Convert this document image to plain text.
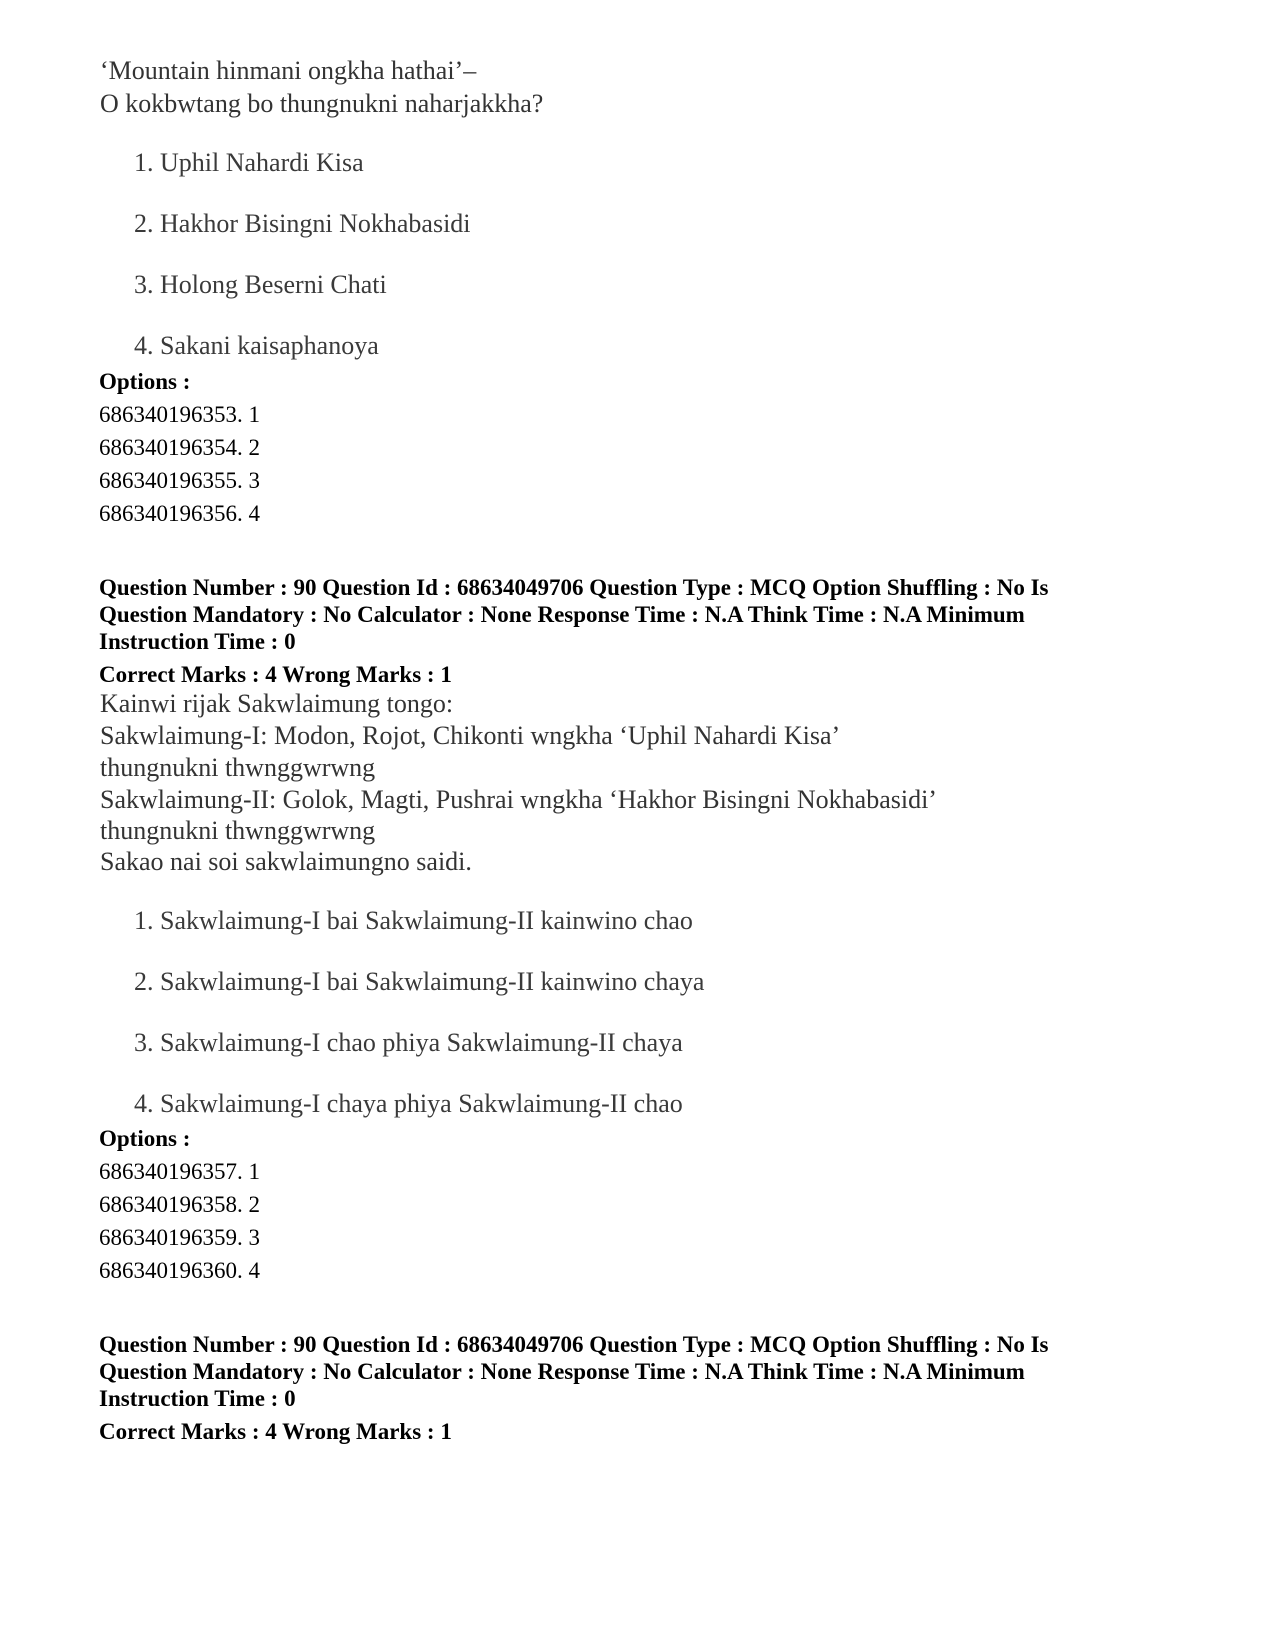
‘Mountain hinmani ongkha hathai’–
O kokbwtang bo thungnukni naharjakkha?
1. Uphil Nahardi Kisa
2. Hakhor Bisingni Nokhabasidi
3. Holong Beserni Chati
4. Sakani kaisaphanoya
Options :
686340196353. 1
686340196354. 2
686340196355. 3
686340196356. 4
Question Number : 90 Question Id : 68634049706 Question Type : MCQ Option Shuffling : No Is
Question Mandatory : No Calculator : None Response Time : N.A Think Time : N.A Minimum
Instruction Time : 0
Correct Marks : 4 Wrong Marks : 1
Kainwi rijak Sakwlaimung tongo:
Sakwlaimung-I: Modon, Rojot, Chikonti wngkha ‘Uphil Nahardi Kisa’
thungnukni thwnggwrwng
Sakwlaimung-II: Golok, Magti, Pushrai wngkha ‘Hakhor Bisingni Nokhabasidi’
thungnukni thwnggwrwng
Sakao nai soi sakwlaimungno saidi.
1. Sakwlaimung-I bai Sakwlaimung-II kainwino chao
2. Sakwlaimung-I bai Sakwlaimung-II kainwino chaya
3. Sakwlaimung-I chao phiya Sakwlaimung-II chaya
4. Sakwlaimung-I chaya phiya Sakwlaimung-II chao
Options :
686340196357. 1
686340196358. 2
686340196359. 3
686340196360. 4
Question Number : 90 Question Id : 68634049706 Question Type : MCQ Option Shuffling : No Is
Question Mandatory : No Calculator : None Response Time : N.A Think Time : N.A Minimum
Instruction Time : 0
Correct Marks : 4 Wrong Marks : 1
